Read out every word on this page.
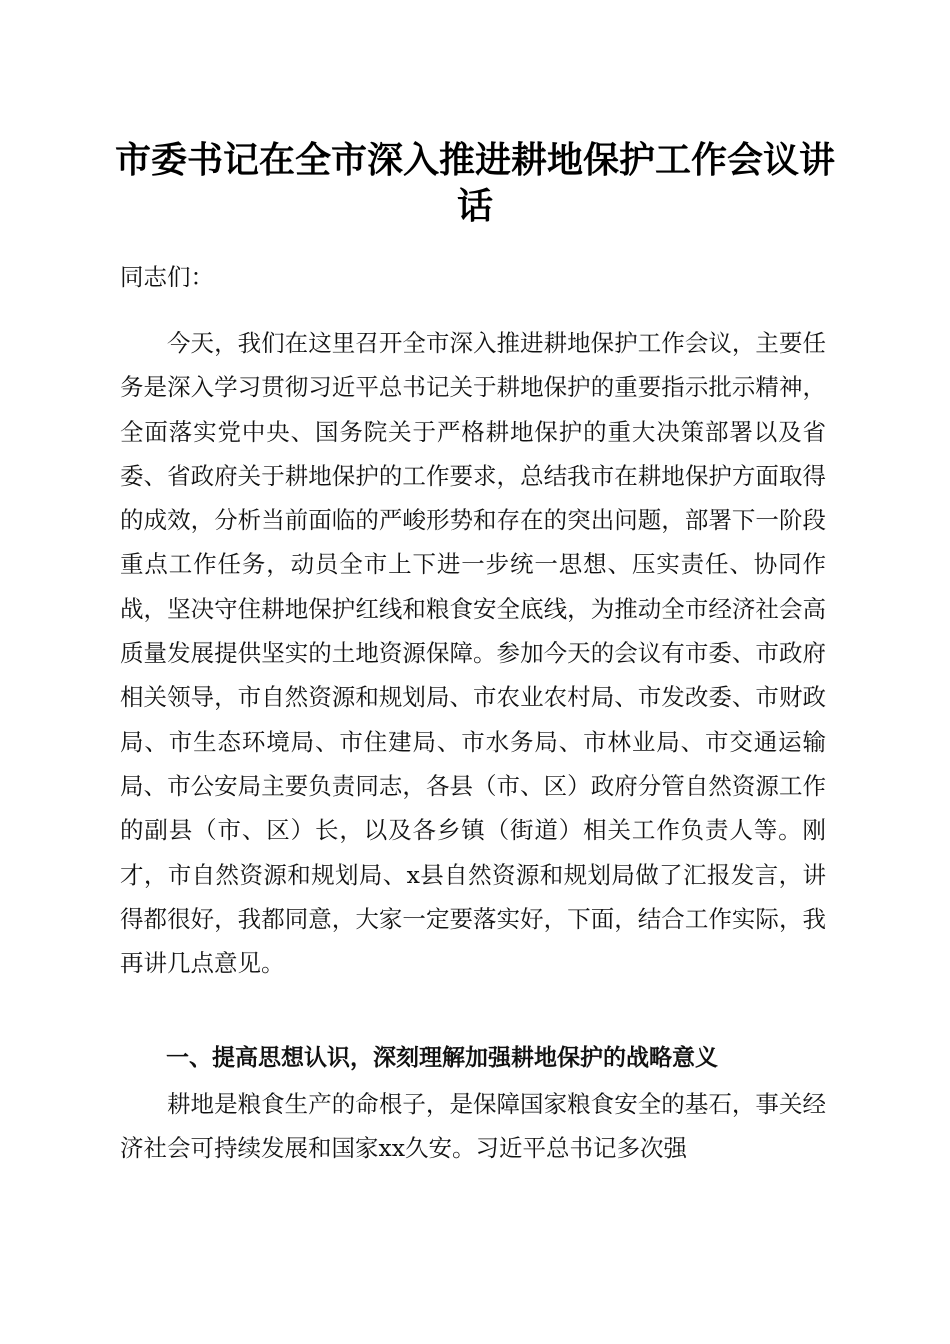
市委书记在全市深入推进耕地保护工作会议讲话

同志们：

今天，我们在这里召开全市深入推进耕地保护工作会议，主要任务是深入学习贯彻习近平总书记关于耕地保护的重要指示批示精神，全面落实党中央、国务院关于严格耕地保护的重大决策部署以及省委、省政府关于耕地保护的工作要求，总结我市在耕地保护方面取得的成效，分析当前面临的严峻形势和存在的突出问题，部署下一阶段重点工作任务，动员全市上下进一步统一思想、压实责任、协同作战，坚决守住耕地保护红线和粮食安全底线，为推动全市经济社会高质量发展提供坚实的土地资源保障。参加今天的会议有市委、市政府相关领导，市自然资源和规划局、市农业农村局、市发改委、市财政局、市生态环境局、市住建局、市水务局、市林业局、市交通运输局、市公安局主要负责同志，各县（市、区）政府分管自然资源工作的副县（市、区）长，以及各乡镇（街道）相关工作负责人等。刚才，市自然资源和规划局、x县自然资源和规划局做了汇报发言，讲得都很好，我都同意，大家一定要落实好，下面，结合工作实际，我再讲几点意见。

一、提高思想认识，深刻理解加强耕地保护的战略意义

耕地是粮食生产的命根子，是保障国家粮食安全的基石，事关经济社会可持续发展和国家xx久安。习近平总书记多次强
